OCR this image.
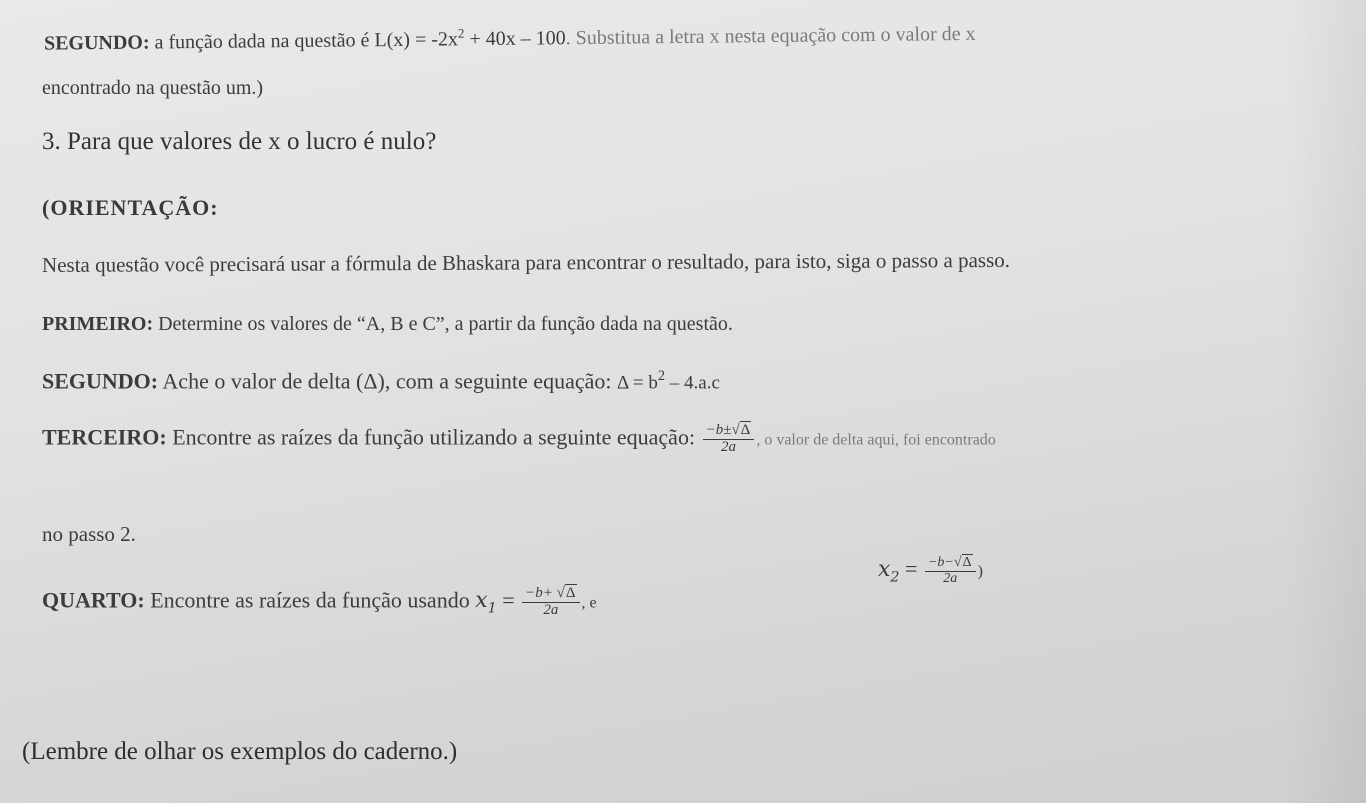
SEGUNDO: a função dada na questão é $L(x) = -2x^2 + 40x - 100$. Substitua a letra x nesta equação com o valor de x
encontrado na questão um.)
3. Para que valores de x o lucro é nulo?
(ORIENTAÇÃO:
Nesta questão você precisará usar a fórmula de Bhaskara para encontrar o resultado, para isto, siga o passo a passo.
PRIMEIRO: Determine os valores de “A, B e C”, a partir da função dada na questão.
SEGUNDO: Ache o valor de delta (Δ), com a seguinte equação: $\Delta = b^2 - 4.a.c$
TERCEIRO: Encontre as raízes da função utilizando a seguinte equação: $\frac{-b\pm√\Delta}{2a}$ , o valor de delta aqui, foi encontrado
no passo 2.
QUARTO: Encontre as raízes da função usando $x_1 = \frac{-b+ √\Delta}{2a}$ , e
$x_2 = \frac{-b-√\Delta}{2a}$ )
(Lembre de olhar os exemplos do caderno.)
